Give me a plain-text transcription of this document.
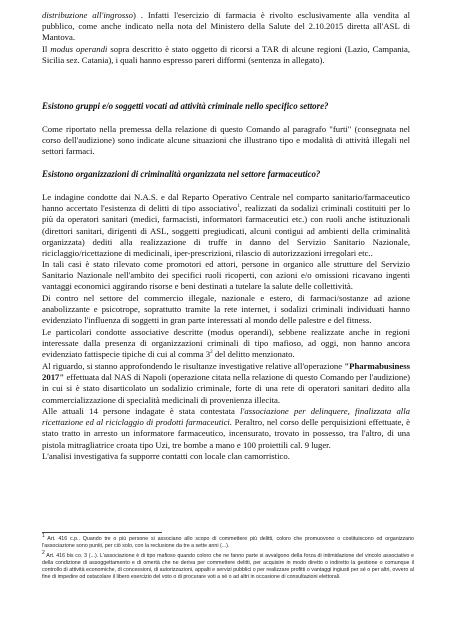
distribuzione all'ingrosso) . Infatti l'esercizio di farmacia è rivolto esclusivamente alla vendita al pubblico, come anche indicato nella nota del Ministero della Salute del 2.10.2015 diretta all'ASL di Mantova.

Il modus operandi sopra descritto è stato oggetto di ricorsi a TAR di alcune regioni (Lazio, Campania, Sicilia sez. Catania), i quali hanno espresso pareri difformi (sentenza in allegato).

Esistono gruppi e/o soggetti vocati ad attività criminale nello specifico settore?

Come riportato nella premessa della relazione di questo Comando al paragrafo "furti" (consegnata nel corso dell'audizione) sono indicate alcune situazioni che illustrano tipo e modalità di attività illegali nel settori farmaci.

Esistono organizzazioni di criminalità organizzata nel settore farmaceutico?

Le indagine condotte dai N.A.S. e dal Reparto Operativo Centrale nel comparto sanitario/farmaceutico hanno accertato l'esistenza di delitti di tipo associativo$^1$, realizzati da sodalizi criminali costituiti per lo più da operatori sanitari (medici, farmacisti, informatori farmaceutici etc.) con ruoli anche istituzionali (direttori sanitari, dirigenti di ASL, soggetti pregiudicati, alcuni contigui ad ambienti della criminalità organizzata) dediti alla realizzazione di truffe in danno del Servizio Sanitario Nazionale, riciclaggio/ricettazione di medicinali, iper-prescrizioni, rilascio di autorizzazioni irregolari etc..

In tali casi è stato rilevato come promotori ed attori, persone in organico alle strutture del Servizio Sanitario Nazionale nell'ambito dei specifici ruoli ricoperti, con azioni e/o omissioni ricavano ingenti vantaggi economici aggirando risorse e beni destinati a tutelare la salute delle collettività.

Di contro nel settore del commercio illegale, nazionale e estero, di farmaci/sostanze ad azione anabolizzante e psicotrope, soprattutto tramite la rete internet, i sodalizi criminali individuati hanno evidenziato l'influenza di soggetti in gran parte interessati al mondo delle palestre e del fitness.

Le particolari condotte associative descritte (modus operandi), sebbene realizzate anche in regioni interessate dalla presenza di organizzazioni criminali di tipo mafioso, ad oggi, non hanno ancora evidenziato fattispecie tipiche di cui al comma $3^2$ del delitto menzionato.

Al riguardo, si stanno approfondendo le risultanze investigative relative all'operazione "Pharmabusiness 2017" effettuata dal NAS di Napoli (operazione citata nella relazione di questo Comando per l'audizione) in cui si è stato disarticolato un sodalizio criminale, forte di una rete di operatori sanitari dedito alla commercializzazione di specialità medicinali di provenienza illecita.

Alle attuali 14 persone indagate è stata contestata l'associazione per delinquere, finalizzata alla ricettazione ed al riciclaggio di prodotti farmaceutici. Peraltro, nel corso delle perquisizioni effettuate, è stato tratto in arresto un informatore farmaceutico, incensurato, trovato in possesso, tra l'altro, di una pistola mitragliatrice croata tipo Uzi, tre bombe a mano e 100 proiettili cal. 9 luger.

L'analisi investigativa fa supporre contatti con locale clan camorristico.

$^1$ Art. 416 c.p.. Quando tre o più persone si associano allo scopo di commettere più delitti, coloro che promuovono o costituiscono od organizzano l'associazione sono puniti, per ciò solo, con la reclusione da tre a sette anni (...).

$^2$ Art. 416 bis co. 3 (...). L'associazione è di tipo mafioso quando coloro che ne fanno parte si avvalgono della forza di intimidazione del vincolo associativo e della condizione di assoggettamento e di omertà che ne deriva per commettere delitti, per acquisire in modo diretto o indiretto la gestione o comunque il controllo di attività economiche, di concessioni, di autorizzazioni, appalti e servizi pubblici o per realizzare profitti o vantaggi ingiusti per sé o per altri, ovvero al fine di impedire od ostacolare il libero esercizio del voto o di procurare voti a sé o ad altri in occasione di consultazioni elettorali.
